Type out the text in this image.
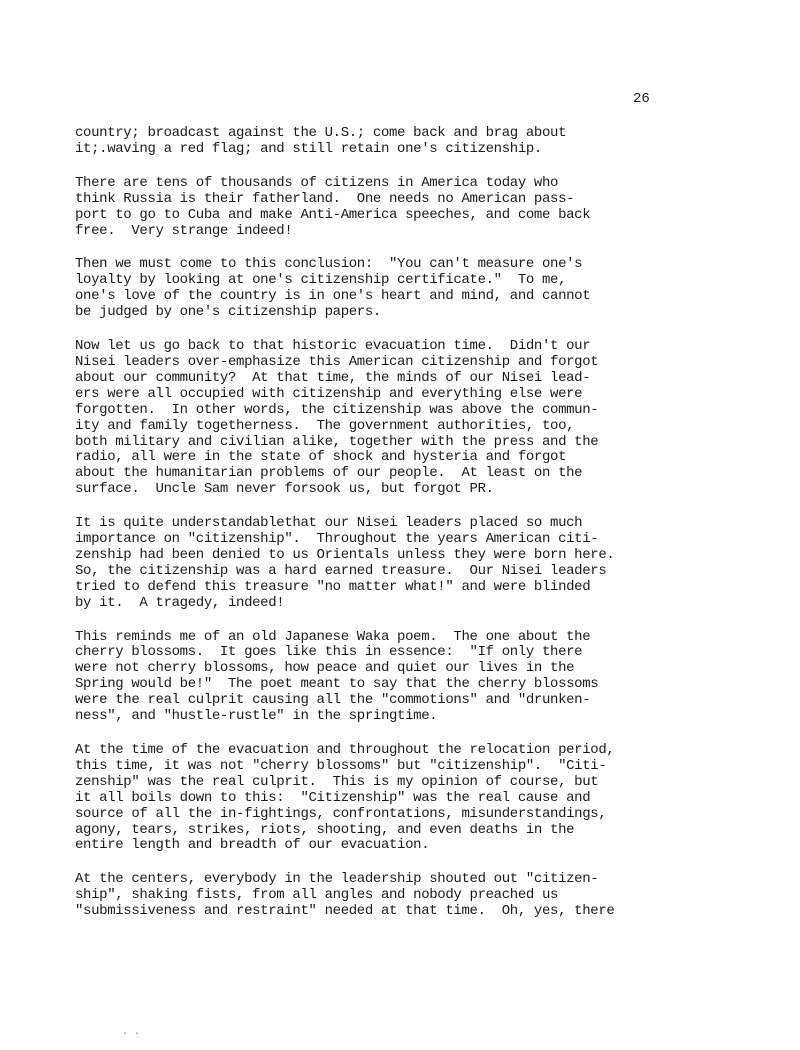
26
country; broadcast against the U.S.; come back and brag about
it;.waving a red flag; and still retain one's citizenship.
There are tens of thousands of citizens in America today who
think Russia is their fatherland.  One needs no American pass-
port to go to Cuba and make Anti-America speeches, and come back
free.  Very strange indeed!
Then we must come to this conclusion:  "You can't measure one's
loyalty by looking at one's citizenship certificate."  To me,
one's love of the country is in one's heart and mind, and cannot
be judged by one's citizenship papers.
Now let us go back to that historic evacuation time.  Didn't our
Nisei leaders over-emphasize this American citizenship and forgot
about our community?  At that time, the minds of our Nisei lead-
ers were all occupied with citizenship and everything else were
forgotten.  In other words, the citizenship was above the commun-
ity and family togetherness.  The government authorities, too,
both military and civilian alike, together with the press and the
radio, all were in the state of shock and hysteria and forgot
about the humanitarian problems of our people.  At least on the
surface.  Uncle Sam never forsook us, but forgot PR.
It is quite understandablethat our Nisei leaders placed so much
importance on "citizenship".  Throughout the years American citi-
zenship had been denied to us Orientals unless they were born here.
So, the citizenship was a hard earned treasure.  Our Nisei leaders
tried to defend this treasure "no matter what!" and were blinded
by it.  A tragedy, indeed!
This reminds me of an old Japanese Waka poem.  The one about the
cherry blossoms.  It goes like this in essence:  "If only there
were not cherry blossoms, how peace and quiet our lives in the
Spring would be!"  The poet meant to say that the cherry blossoms
were the real culprit causing all the "commotions" and "drunken-
ness", and "hustle-rustle" in the springtime.
At the time of the evacuation and throughout the relocation period,
this time, it was not "cherry blossoms" but "citizenship".  "Citi-
zenship" was the real culprit.  This is my opinion of course, but
it all boils down to this:  "Citizenship" was the real cause and
source of all the in-fightings, confrontations, misunderstandings,
agony, tears, strikes, riots, shooting, and even deaths in the
entire length and breadth of our evacuation.
At the centers, everybody in the leadership shouted out "citizen-
ship", shaking fists, from all angles and nobody preached us
"submissiveness and restraint" needed at that time.  Oh, yes, there
· ·
